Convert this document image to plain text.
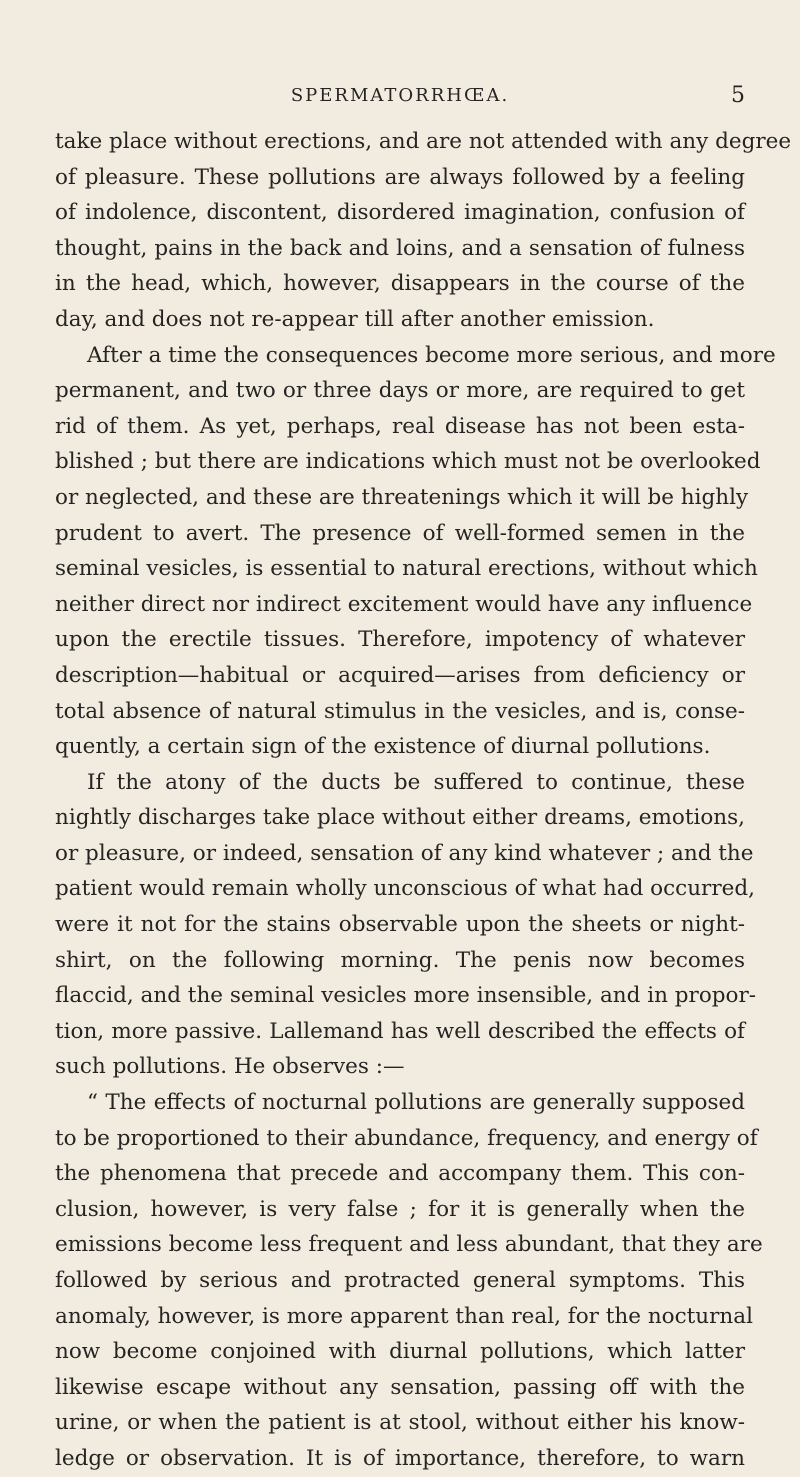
SPERMATORRHŒA.	5
take place without erections, and are not attended with any degree
of pleasure. These pollutions are always followed by a feeling
of indolence, discontent, disordered imagination, confusion of
thought, pains in the back and loins, and a sensation of fulness
in the head, which, however, disappears in the course of the
day, and does not re-appear till after another emission.
After a time the consequences become more serious, and more
permanent, and two or three days or more, are required to get
rid of them. As yet, perhaps, real disease has not been esta-
blished ; but there are indications which must not be overlooked
or neglected, and these are threatenings which it will be highly
prudent to avert. The presence of well-formed semen in the
seminal vesicles, is essential to natural erections, without which
neither direct nor indirect excitement would have any influence
upon the erectile tissues. Therefore, impotency of whatever
description—habitual or acquired—arises from deficiency or
total absence of natural stimulus in the vesicles, and is, conse-
quently, a certain sign of the existence of diurnal pollutions.
If the atony of the ducts be suffered to continue, these
nightly discharges take place without either dreams, emotions,
or pleasure, or indeed, sensation of any kind whatever ; and the
patient would remain wholly unconscious of what had occurred,
were it not for the stains observable upon the sheets or night-
shirt, on the following morning. The penis now becomes
flaccid, and the seminal vesicles more insensible, and in propor-
tion, more passive. Lallemand has well described the effects of
such pollutions. He observes :—
“ The effects of nocturnal pollutions are generally supposed
to be proportioned to their abundance, frequency, and energy of
the phenomena that precede and accompany them. This con-
clusion, however, is very false ; for it is generally when the
emissions become less frequent and less abundant, that they are
followed by serious and protracted general symptoms. This
anomaly, however, is more apparent than real, for the nocturnal
now become conjoined with diurnal pollutions, which latter
likewise escape without any sensation, passing off with the
urine, or when the patient is at stool, without either his know-
ledge or observation. It is of importance, therefore, to warn
